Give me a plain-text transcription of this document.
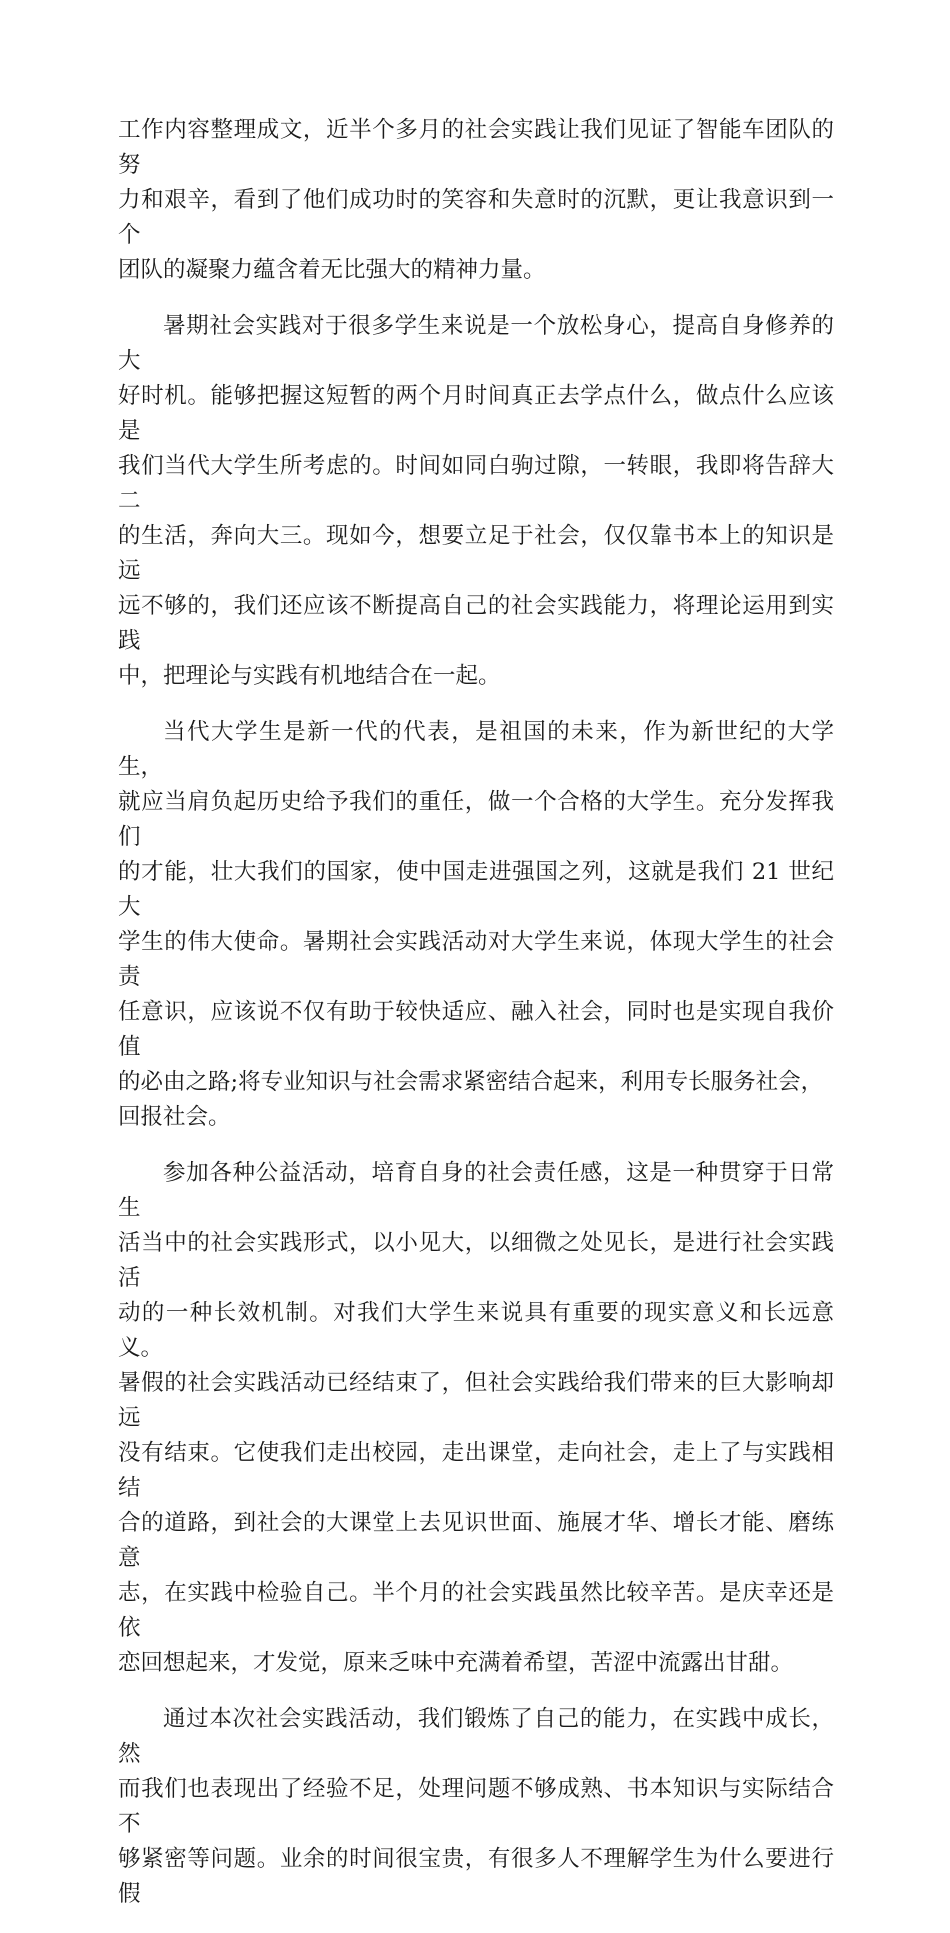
工作内容整理成文，近半个多月的社会实践让我们见证了智能车团队的努
力和艰辛，看到了他们成功时的笑容和失意时的沉默，更让我意识到一个
团队的凝聚力蕴含着无比强大的精神力量。

暑期社会实践对于很多学生来说是一个放松身心，提高自身修养的大
好时机。能够把握这短暂的两个月时间真正去学点什么，做点什么应该是
我们当代大学生所考虑的。时间如同白驹过隙，一转眼，我即将告辞大二
的生活，奔向大三。现如今，想要立足于社会，仅仅靠书本上的知识是远
远不够的，我们还应该不断提高自己的社会实践能力，将理论运用到实践
中，把理论与实践有机地结合在一起。

当代大学生是新一代的代表，是祖国的未来，作为新世纪的大学生，
就应当肩负起历史给予我们的重任，做一个合格的大学生。充分发挥我们
的才能，壮大我们的国家，使中国走进强国之列，这就是我们 21 世纪大
学生的伟大使命。暑期社会实践活动对大学生来说，体现大学生的社会责
任意识，应该说不仅有助于较快适应、融入社会，同时也是实现自我价值
的必由之路;将专业知识与社会需求紧密结合起来，利用专长服务社会，
回报社会。

参加各种公益活动，培育自身的社会责任感，这是一种贯穿于日常生
活当中的社会实践形式，以小见大，以细微之处见长，是进行社会实践活
动的一种长效机制。对我们大学生来说具有重要的现实意义和长远意义。
暑假的社会实践活动已经结束了，但社会实践给我们带来的巨大影响却远
没有结束。它使我们走出校园，走出课堂，走向社会，走上了与实践相结
合的道路，到社会的大课堂上去见识世面、施展才华、增长才能、磨练意
志，在实践中检验自己。半个月的社会实践虽然比较辛苦。是庆幸还是依
恋回想起来，才发觉，原来乏味中充满着希望，苦涩中流露出甘甜。

通过本次社会实践活动，我们锻炼了自己的能力，在实践中成长，然
而我们也表现出了经验不足，处理问题不够成熟、书本知识与实际结合不
够紧密等问题。业余的时间很宝贵，有很多人不理解学生为什么要进行假
